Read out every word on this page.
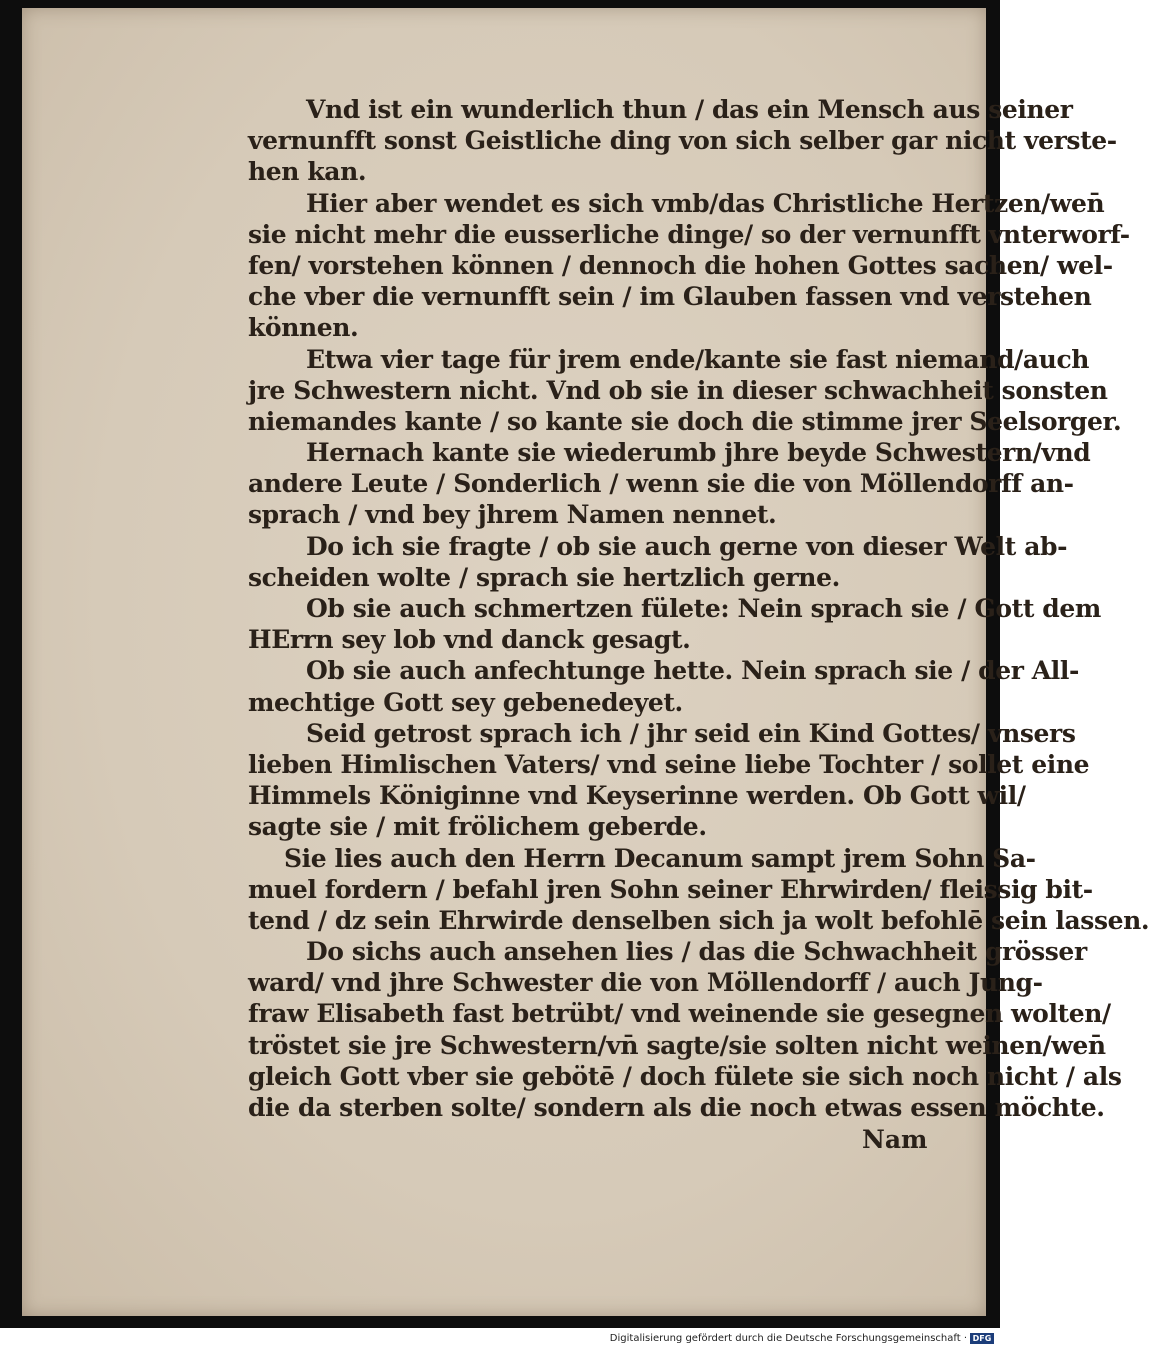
Vnd ist ein wunderlich thun / das ein Mensch aus seiner
vernunfft sonst Geistliche ding von sich selber gar nicht verste-
hen kan.
Hier aber wendet es sich vmb/das Christliche Hertzen/wen̄
sie nicht mehr die eusserliche dinge/ so der vernunfft vnterworf-
fen/ vorstehen können / dennoch die hohen Gottes sachen/ wel-
che vber die vernunfft sein / im Glauben fassen vnd verstehen
können.
Etwa vier tage für jrem ende/kante sie fast niemand/auch
jre Schwestern nicht. Vnd ob sie in dieser schwachheit sonsten
niemandes kante / so kante sie doch die stimme jrer Seelsorger.
Hernach kante sie wiederumb jhre beyde Schwestern/vnd
andere Leute / Sonderlich / wenn sie die von Möllendorff an-
sprach / vnd bey jhrem Namen nennet.
Do ich sie fragte / ob sie auch gerne von dieser Welt ab-
scheiden wolte / sprach sie hertzlich gerne.
Ob sie auch schmertzen fülete: Nein sprach sie / Gott dem
HErrn sey lob vnd danck gesagt.
Ob sie auch anfechtunge hette. Nein sprach sie / der All-
mechtige Gott sey gebenedeyet.
Seid getrost sprach ich / jhr seid ein Kind Gottes/ vnsers
lieben Himlischen Vaters/ vnd seine liebe Tochter / sollet eine
Himmels Königinne vnd Keyserinne werden. Ob Gott wil/
sagte sie / mit frölichem geberde.
Sie lies auch den Herrn Decanum sampt jrem Sohn Sa-
muel fordern / befahl jren Sohn seiner Ehrwirden/ fleissig bit-
tend / dz sein Ehrwirde denselben sich ja wolt befohlē sein lassen.
Do sichs auch ansehen lies / das die Schwachheit grösser
ward/ vnd jhre Schwester die von Möllendorff / auch Jung-
fraw Elisabeth fast betrübt/ vnd weinende sie gesegnen wolten/
tröstet sie jre Schwestern/vn̄ sagte/sie solten nicht weinen/wen̄
gleich Gott vber sie gebötē / doch fülete sie sich noch nicht / als
die da sterben solte/ sondern als die noch etwas essen möchte.
Nam
Digitalisierung gefördert durch die Deutsche Forschungsgemeinschaft · DFG
